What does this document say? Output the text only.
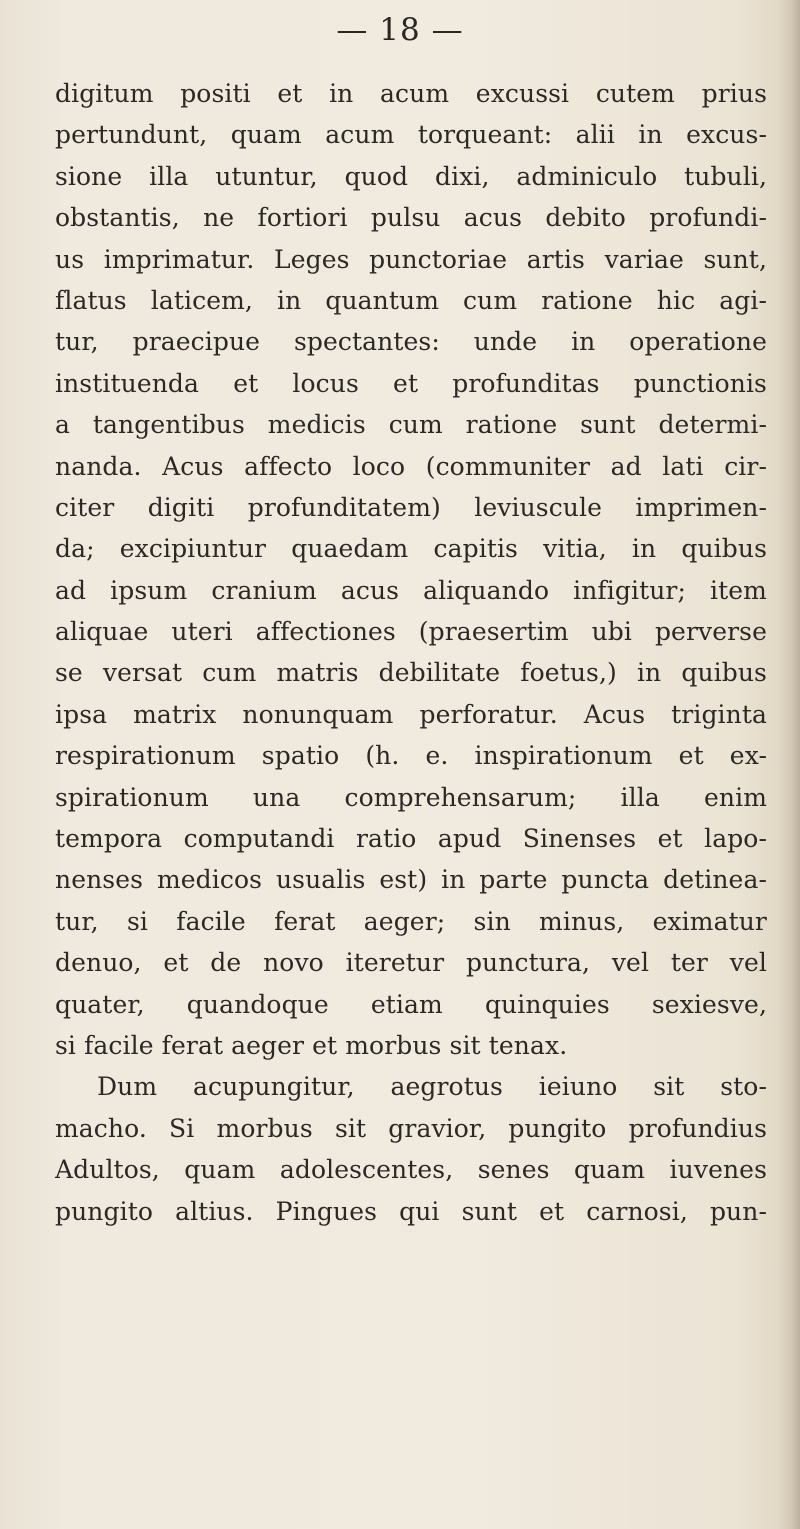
— 18 —
digitum positi et in acum excussi cutem prius
pertundunt, quam acum torqueant: alii in excus-
sione illa utuntur, quod dixi, adminiculo tubuli,
obstantis, ne fortiori pulsu acus debito profundi-
us imprimatur. Leges punctoriae artis variae sunt,
flatus laticem, in quantum cum ratione hic agi-
tur, praecipue spectantes: unde in operatione
instituenda et locus et profunditas punctionis
a tangentibus medicis cum ratione sunt determi-
nanda. Acus affecto loco (communiter ad lati cir-
citer digiti profunditatem) leviuscule imprimen-
da; excipiuntur quaedam capitis vitia, in quibus
ad ipsum cranium acus aliquando infigitur; item
aliquae uteri affectiones (praesertim ubi perverse
se versat cum matris debilitate foetus,) in quibus
ipsa matrix nonunquam perforatur. Acus triginta
respirationum spatio (h. e. inspirationum et ex-
spirationum una comprehensarum; illa enim
tempora computandi ratio apud Sinenses et lapo-
nenses medicos usualis est) in parte puncta detinea-
tur, si facile ferat aeger; sin minus, eximatur
denuo, et de novo iteretur punctura, vel ter vel
quater, quandoque etiam quinquies sexiesve,
si facile ferat aeger et morbus sit tenax.
Dum acupungitur, aegrotus ieiuno sit sto-
macho. Si morbus sit gravior, pungito profundius
Adultos, quam adolescentes, senes quam iuvenes
pungito altius. Pingues qui sunt et carnosi, pun-
